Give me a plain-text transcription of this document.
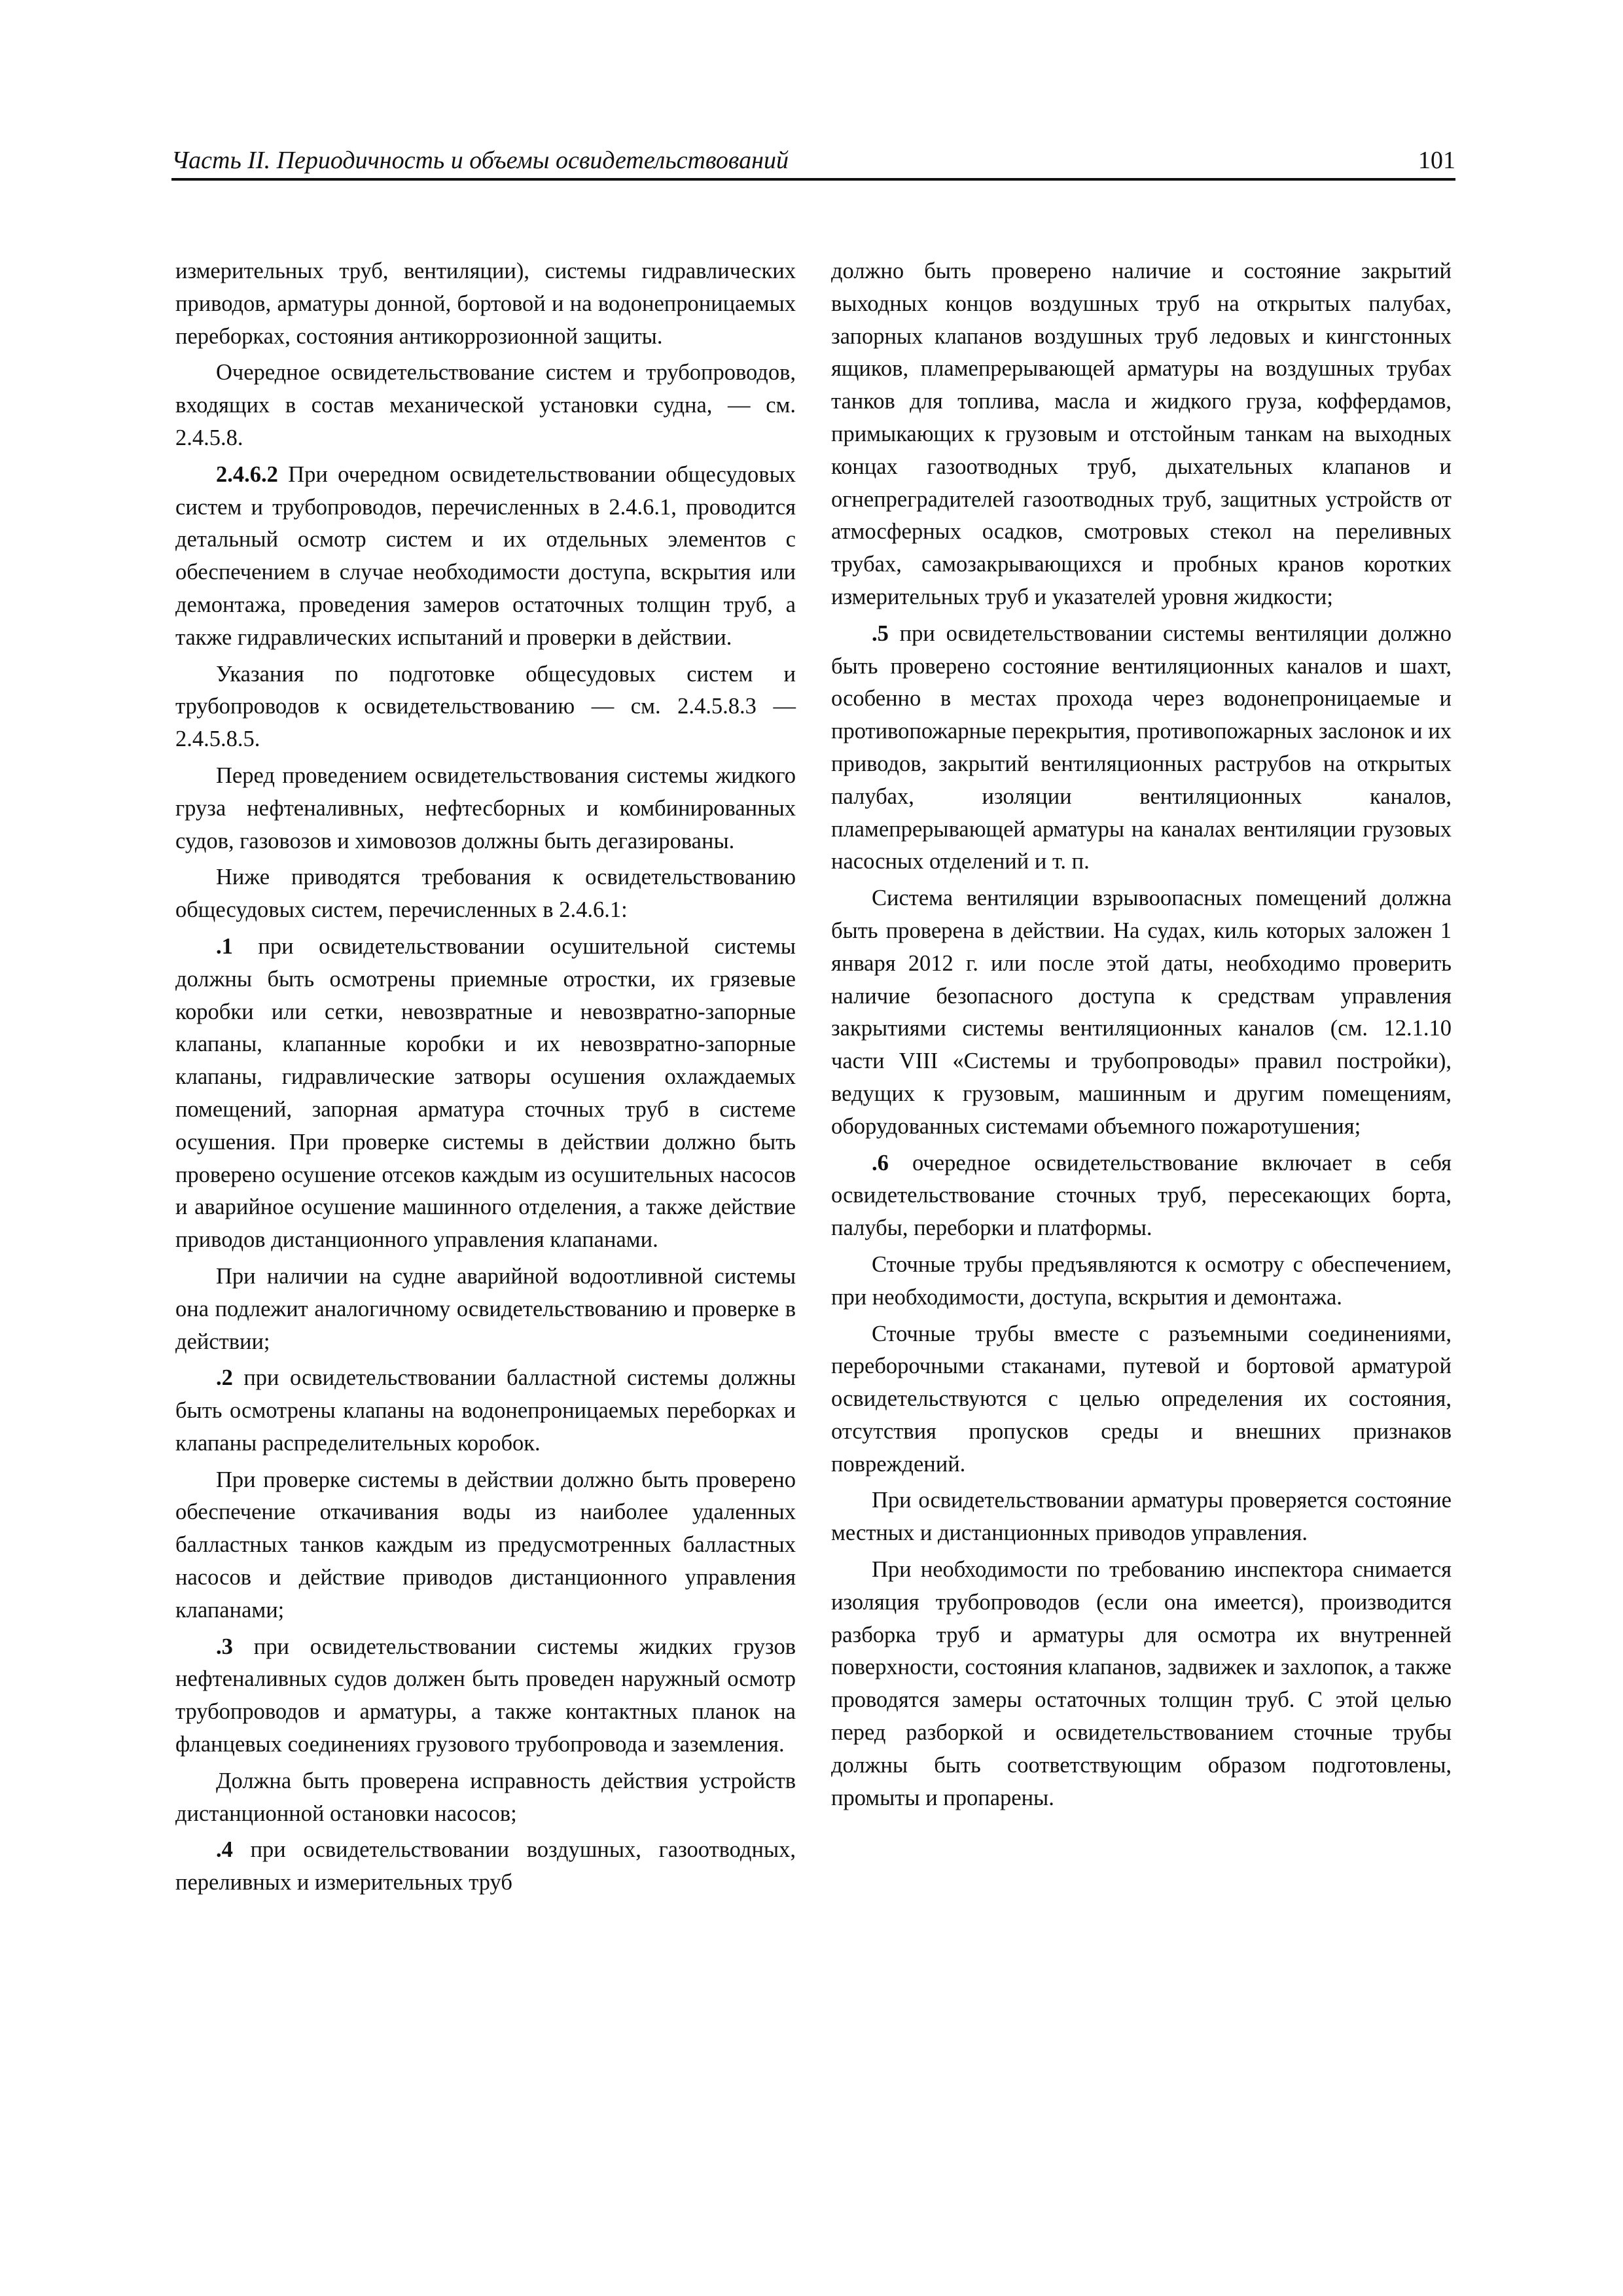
Часть II. Периодичность и объемы освидетельствований	101

измерительных труб, вентиляции), системы гидравлических приводов, арматуры донной, бортовой и на водонепроницаемых переборках, состояния антикоррозионной защиты.

Очередное освидетельствование систем и трубопроводов, входящих в состав механической установки судна, — см. 2.4.5.8.

2.4.6.2 При очередном освидетельствовании общесудовых систем и трубопроводов, перечисленных в 2.4.6.1, проводится детальный осмотр систем и их отдельных элементов с обеспечением в случае необходимости доступа, вскрытия или демонтажа, проведения замеров остаточных толщин труб, а также гидравлических испытаний и проверки в действии.

Указания по подготовке общесудовых систем и трубопроводов к освидетельствованию — см. 2.4.5.8.3 — 2.4.5.8.5.

Перед проведением освидетельствования системы жидкого груза нефтеналивных, нефтесборных и комбинированных судов, газовозов и химовозов должны быть дегазированы.

Ниже приводятся требования к освидетельствованию общесудовых систем, перечисленных в 2.4.6.1:

.1 при освидетельствовании осушительной системы должны быть осмотрены приемные отростки, их грязевые коробки или сетки, невозвратные и невозвратно-запорные клапаны, клапанные коробки и их невозвратно-запорные клапаны, гидравлические затворы осушения охлаждаемых помещений, запорная арматура сточных труб в системе осушения. При проверке системы в действии должно быть проверено осушение отсеков каждым из осушительных насосов и аварийное осушение машинного отделения, а также действие приводов дистанционного управления клапанами.

При наличии на судне аварийной водоотливной системы она подлежит аналогичному освидетельствованию и проверке в действии;

.2 при освидетельствовании балластной системы должны быть осмотрены клапаны на водонепроницаемых переборках и клапаны распределительных коробок.

При проверке системы в действии должно быть проверено обеспечение откачивания воды из наиболее удаленных балластных танков каждым из предусмотренных балластных насосов и действие приводов дистанционного управления клапанами;

.3 при освидетельствовании системы жидких грузов нефтеналивных судов должен быть проведен наружный осмотр трубопроводов и арматуры, а также контактных планок на фланцевых соединениях грузового трубопровода и заземления.

Должна быть проверена исправность действия устройств дистанционной остановки насосов;

.4 при освидетельствовании воздушных, газоотводных, переливных и измерительных труб

должно быть проверено наличие и состояние закрытий выходных концов воздушных труб на открытых палубах, запорных клапанов воздушных труб ледовых и кингстонных ящиков, пламепрерывающей арматуры на воздушных трубах танков для топлива, масла и жидкого груза, коффердамов, примыкающих к грузовым и отстойным танкам на выходных концах газоотводных труб, дыхательных клапанов и огнепреградителей газоотводных труб, защитных устройств от атмосферных осадков, смотровых стекол на переливных трубах, самозакрывающихся и пробных кранов коротких измерительных труб и указателей уровня жидкости;

.5 при освидетельствовании системы вентиляции должно быть проверено состояние вентиляционных каналов и шахт, особенно в местах прохода через водонепроницаемые и противопожарные перекрытия, противопожарных заслонок и их приводов, закрытий вентиляционных раструбов на открытых палубах, изоляции вентиляционных каналов, пламепрерывающей арматуры на каналах вентиляции грузовых насосных отделений и т. п.

Система вентиляции взрывоопасных помещений должна быть проверена в действии. На судах, киль которых заложен 1 января 2012 г. или после этой даты, необходимо проверить наличие безопасного доступа к средствам управления закрытиями системы вентиляционных каналов (см. 12.1.10 части VIII «Системы и трубопроводы» правил постройки), ведущих к грузовым, машинным и другим помещениям, оборудованных системами объемного пожаротушения;

.6 очередное освидетельствование включает в себя освидетельствование сточных труб, пересекающих борта, палубы, переборки и платформы.

Сточные трубы предъявляются к осмотру с обеспечением, при необходимости, доступа, вскрытия и демонтажа.

Сточные трубы вместе с разъемными соединениями, переборочными стаканами, путевой и бортовой арматурой освидетельствуются с целью определения их состояния, отсутствия пропусков среды и внешних признаков повреждений.

При освидетельствовании арматуры проверяется состояние местных и дистанционных приводов управления.

При необходимости по требованию инспектора снимается изоляция трубопроводов (если она имеется), производится разборка труб и арматуры для осмотра их внутренней поверхности, состояния клапанов, задвижек и захлопок, а также проводятся замеры остаточных толщин труб. С этой целью перед разборкой и освидетельствованием сточные трубы должны быть соответствующим образом подготовлены, промыты и пропарены.
